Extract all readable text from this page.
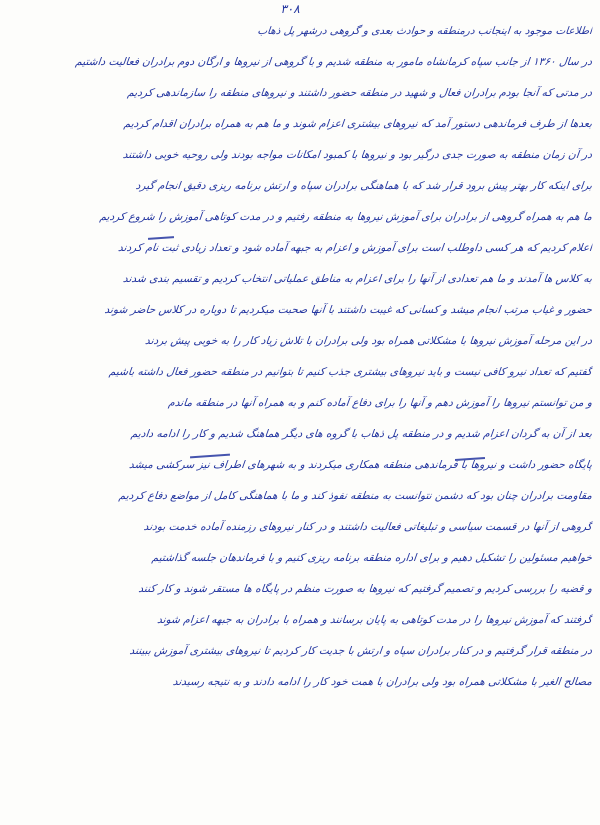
۳۰۸
اطلاعات موجود به اینجانب درمنطقه و حوادث بعدی و گروهی درشهر پل ذهاب
در سال ۱۳۶۰ از جانب سپاه کرمانشاه مامور به منطقه شدیم و با گروهی از نیروها و ارگان دوم برادران فعالیت داشتیم
در مدتی که آنجا بودم برادران فعال و شهید در منطقه حضور داشتند و نیروهای منطقه را سازماندهی کردیم
بعدها از طرف فرماندهی دستور آمد که نیروهای بیشتری اعزام شوند و ما هم به همراه برادران اقدام کردیم
در آن زمان منطقه به صورت جدی درگیر بود و نیروها با کمبود امکانات مواجه بودند ولی روحیه خوبی داشتند
برای اینکه کار بهتر پیش برود قرار شد که با هماهنگی برادران سپاه و ارتش برنامه ریزی دقیق انجام گیرد
ما هم به همراه گروهی از برادران برای آموزش نیروها به منطقه رفتیم و در مدت کوتاهی آموزش را شروع کردیم
اعلام کردیم که هر کسی داوطلب است برای آموزش و اعزام به جبهه آماده شود و تعداد زیادی ثبت نام کردند
به کلاس ها آمدند و ما هم تعدادی از آنها را برای اعزام به مناطق عملیاتی انتخاب کردیم و تقسیم بندی شدند
حضور و غیاب مرتب انجام میشد و کسانی که غیبت داشتند با آنها صحبت میکردیم تا دوباره در کلاس حاضر شوند
در این مرحله آموزش نیروها با مشکلاتی همراه بود ولی برادران با تلاش زیاد کار را به خوبی پیش بردند
گفتیم که تعداد نیرو کافی نیست و باید نیروهای بیشتری جذب کنیم تا بتوانیم در منطقه حضور فعال داشته باشیم
و من توانستم نیروها را آموزش دهم و آنها را برای دفاع آماده کنم و به همراه آنها در منطقه ماندم
بعد از آن به گردان اعزام شدیم و در منطقه پل ذهاب با گروه های دیگر هماهنگ شدیم و کار را ادامه دادیم
پایگاه حضور داشت و نیروها با فرماندهی منطقه همکاری میکردند و به شهرهای اطراف نیز سرکشی میشد
مقاومت برادران چنان بود که دشمن نتوانست به منطقه نفوذ کند و ما با هماهنگی کامل از مواضع دفاع کردیم
گروهی از آنها در قسمت سیاسی و تبلیغاتی فعالیت داشتند و در کنار نیروهای رزمنده آماده خدمت بودند
خواهیم مسئولین را تشکیل دهیم و برای اداره منطقه برنامه ریزی کنیم و با فرماندهان جلسه گذاشتیم
و قضیه را بررسی کردیم و تصمیم گرفتیم که نیروها به صورت منظم در پایگاه ها مستقر شوند و کار کنند
گرفتند که آموزش نیروها را در مدت کوتاهی به پایان برسانند و همراه با برادران به جبهه اعزام شوند
در منطقه قرار گرفتیم و در کنار برادران سپاه و ارتش با جدیت کار کردیم تا نیروهای بیشتری آموزش ببینند
مصالح الغیر با مشکلاتی همراه بود ولی برادران با همت خود کار را ادامه دادند و به نتیجه رسیدند
